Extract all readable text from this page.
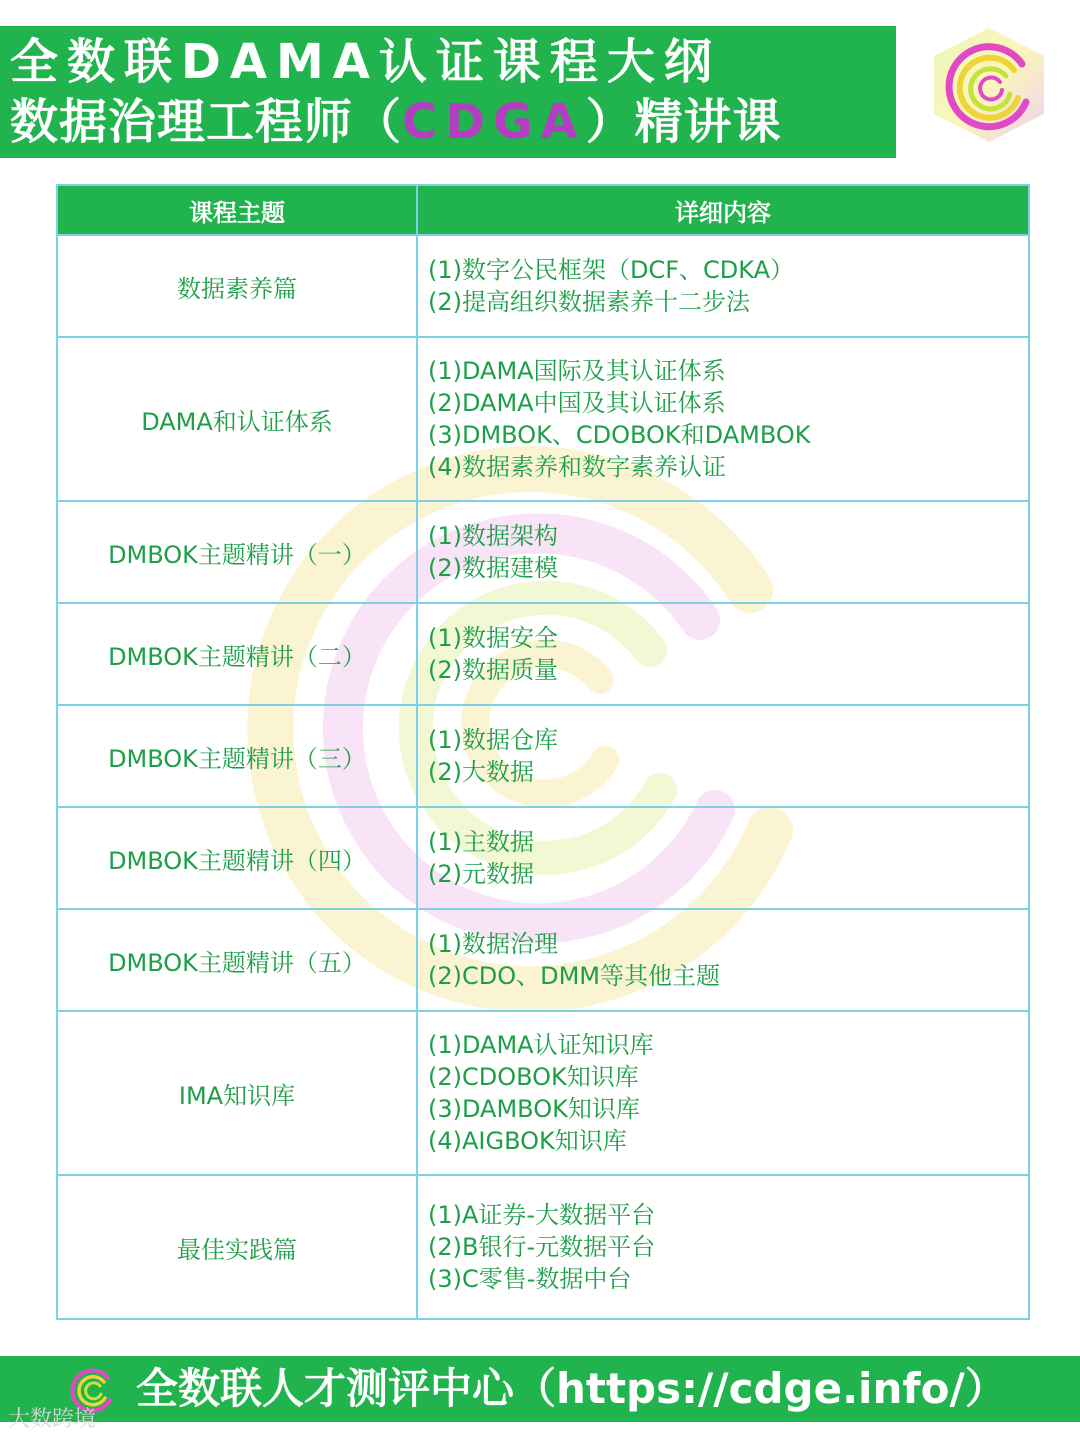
全数联DAMA认证课程大纲
数据治理工程师（CDGA）精讲课
课程主题	详细内容
数据素养篇	(1)数字公民框架（DCF、CDKA）
(2)提高组织数据素养十二步法

DAMA和认证体系	(1)DAMA国际及其认证体系
(2)DAMA中国及其认证体系
(3)DMBOK、CDOBOK和DAMBOK
(4)数据素养和数字素养认证

DMBOK主题精讲（一）	(1)数据架构
(2)数据建模

DMBOK主题精讲（二）	(1)数据安全
(2)数据质量

DMBOK主题精讲（三）	(1)数据仓库
(2)大数据

DMBOK主题精讲（四）	(1)主数据
(2)元数据

DMBOK主题精讲（五）	(1)数据治理
(2)CDO、DMM等其他主题

IMA知识库	(1)DAMA认证知识库
(2)CDOBOK知识库
(3)DAMBOK知识库
(4)AIGBOK知识库

最佳实践篇	(1)A证券-大数据平台
(2)B银行-元数据平台
(3)C零售-数据中台
全数联人才测评中心（https://cdge.info/）
大数跨境
